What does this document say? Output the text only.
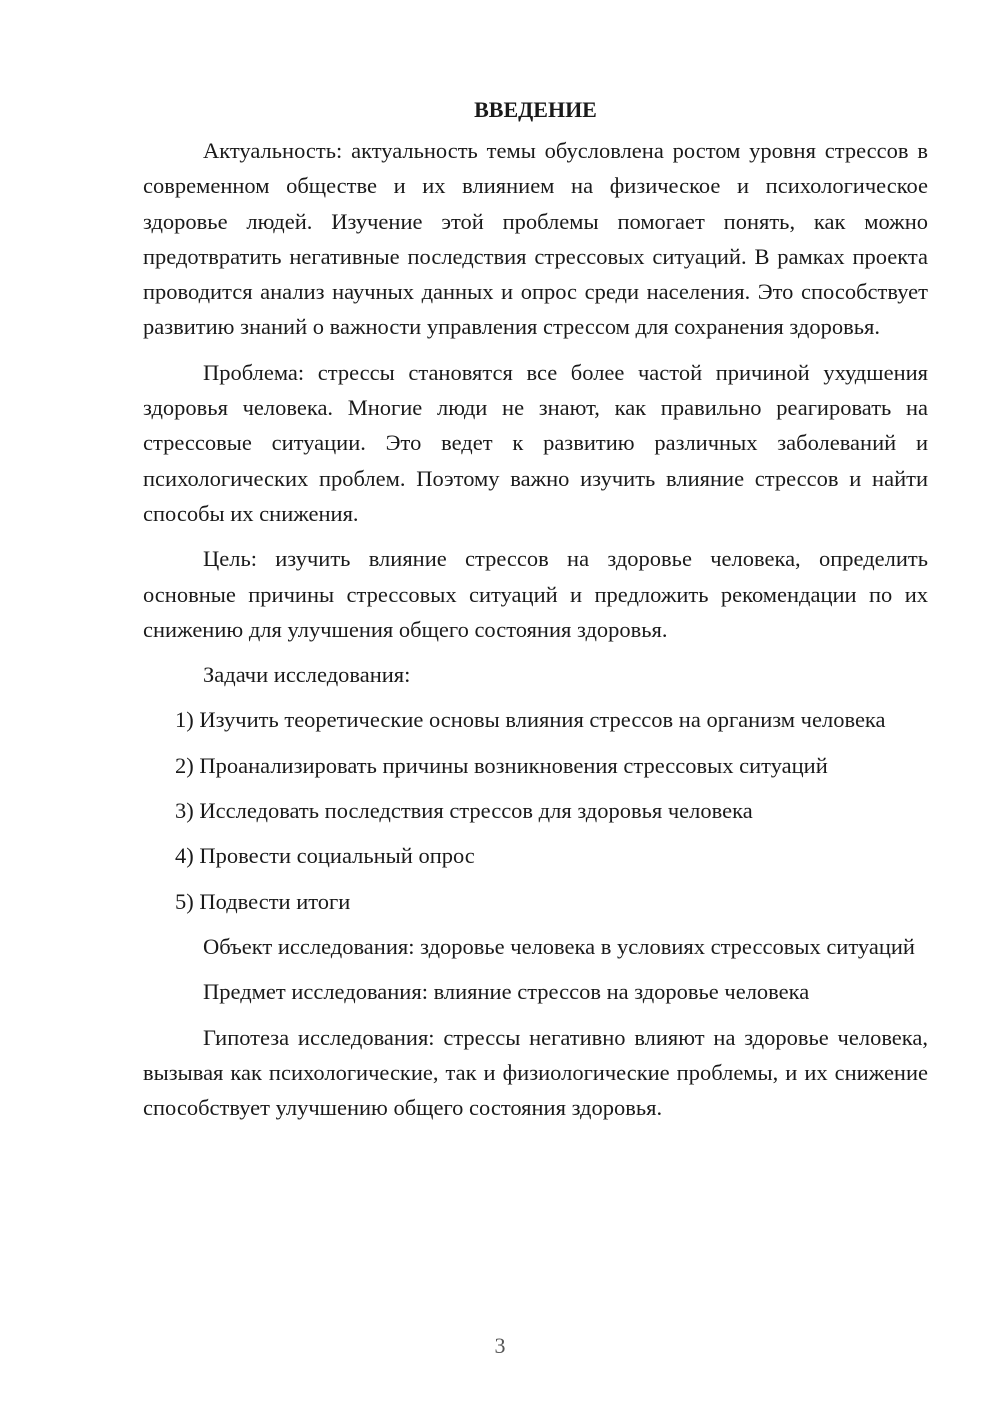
ВВЕДЕНИЕ

Актуальность: актуальность темы обусловлена ростом уровня стрессов в современном обществе и их влиянием на физическое и психологическое здоровье людей. Изучение этой проблемы помогает понять, как можно предотвратить негативные последствия стрессовых ситуаций. В рамках проекта проводится анализ научных данных и опрос среди населения. Это способствует развитию знаний о важности управления стрессом для сохранения здоровья.

Проблема: стрессы становятся все более частой причиной ухудшения здоровья человека. Многие люди не знают, как правильно реагировать на стрессовые ситуации. Это ведет к развитию различных заболеваний и психологических проблем. Поэтому важно изучить влияние стрессов и найти способы их снижения.

Цель: изучить влияние стрессов на здоровье человека, определить основные причины стрессовых ситуаций и предложить рекомендации по их снижению для улучшения общего состояния здоровья.

Задачи исследования:

1) Изучить теоретические основы влияния стрессов на организм человека

2) Проанализировать причины возникновения стрессовых ситуаций

3) Исследовать последствия стрессов для здоровья человека

4) Провести социальный опрос

5) Подвести итоги

Объект исследования: здоровье человека в условиях стрессовых ситуаций

Предмет исследования: влияние стрессов на здоровье человека

Гипотеза исследования: стрессы негативно влияют на здоровье человека, вызывая как психологические, так и физиологические проблемы, и их снижение способствует улучшению общего состояния здоровья.

3
